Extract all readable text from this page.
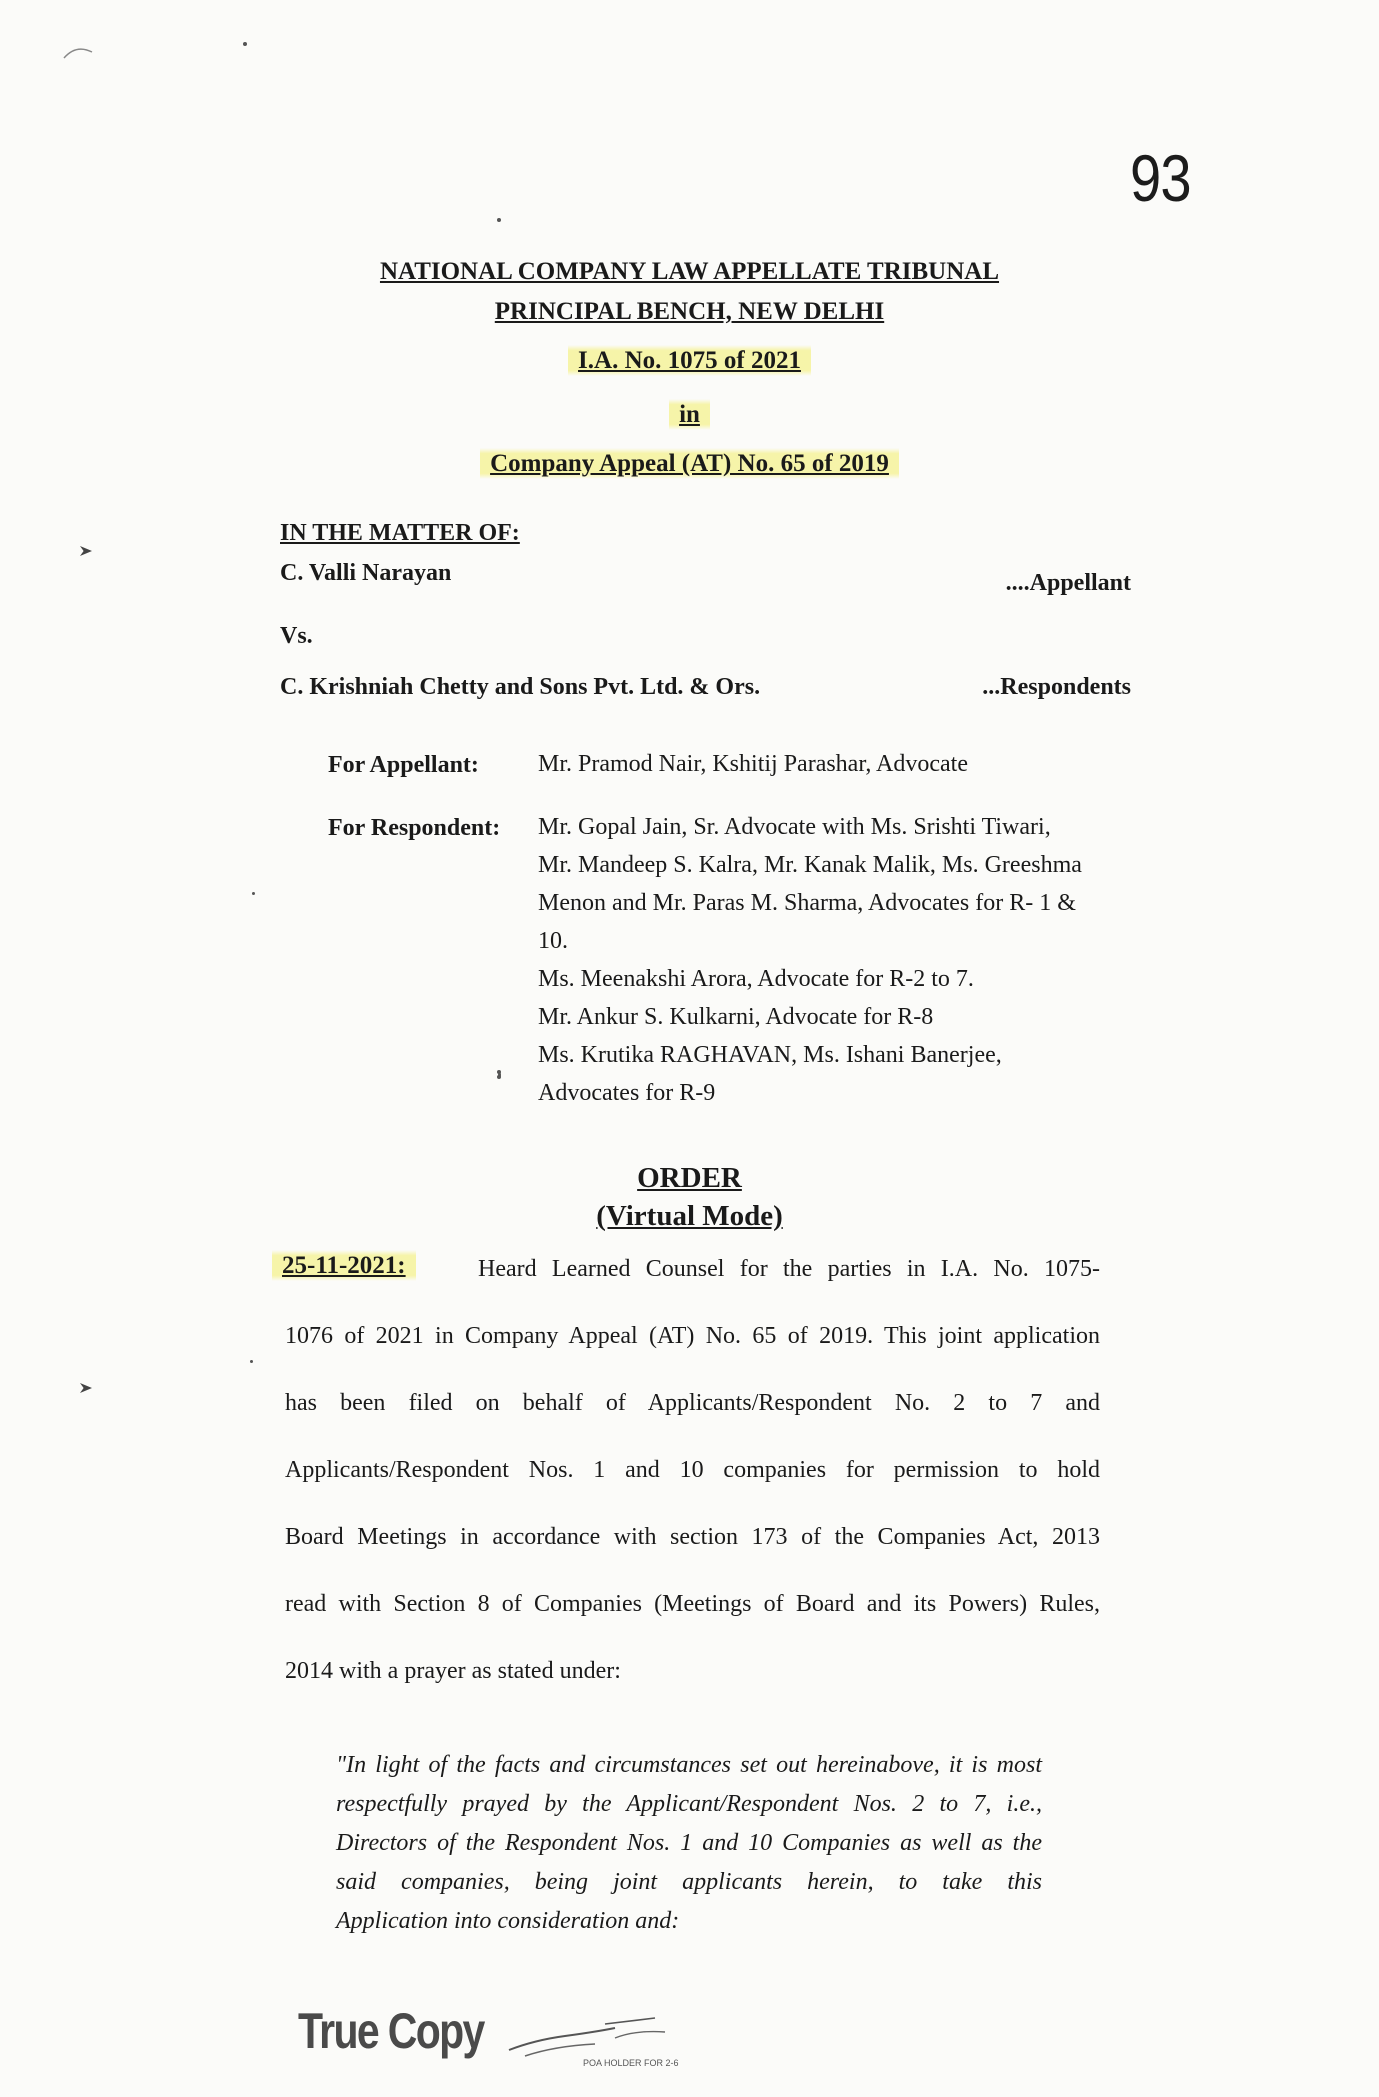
93
NATIONAL COMPANY LAW APPELLATE TRIBUNAL
PRINCIPAL BENCH, NEW DELHI
I.A. No. 1075 of 2021
in
Company Appeal (AT) No. 65 of 2019
IN THE MATTER OF:
C. Valli Narayan	....Appellant
Vs.
C. Krishniah Chetty and Sons Pvt. Ltd. & Ors.	...Respondents
For Appellant: Mr. Pramod Nair, Kshitij Parashar, Advocate
For Respondent: Mr. Gopal Jain, Sr. Advocate with Ms. Srishti Tiwari,
Mr. Mandeep S. Kalra, Mr. Kanak Malik, Ms. Greeshma
Menon and Mr. Paras M. Sharma, Advocates for R- 1 &
10.
Ms. Meenakshi Arora, Advocate for R-2 to 7.
Mr. Ankur S. Kulkarni, Advocate for R-8
Ms. Krutika RAGHAVAN, Ms. Ishani Banerjee,
Advocates for R-9
ORDER
(Virtual Mode)
25-11-2021:	Heard Learned Counsel for the parties in I.A. No. 1075-
1076 of 2021 in Company Appeal (AT) No. 65 of 2019. This joint application
has been filed on behalf of Applicants/Respondent No. 2 to 7 and
Applicants/Respondent Nos. 1 and 10 companies for permission to hold
Board Meetings in accordance with section 173 of the Companies Act, 2013
read with Section 8 of Companies (Meetings of Board and its Powers) Rules,
2014 with a prayer as stated under:
"In light of the facts and circumstances set out hereinabove, it is most
respectfully prayed by the Applicant/Respondent Nos. 2 to 7, i.e.,
Directors of the Respondent Nos. 1 and 10 Companies as well as the
said companies, being joint applicants herein, to take this
Application into consideration and:
True Copy
POA HOLDER FOR 2-6
